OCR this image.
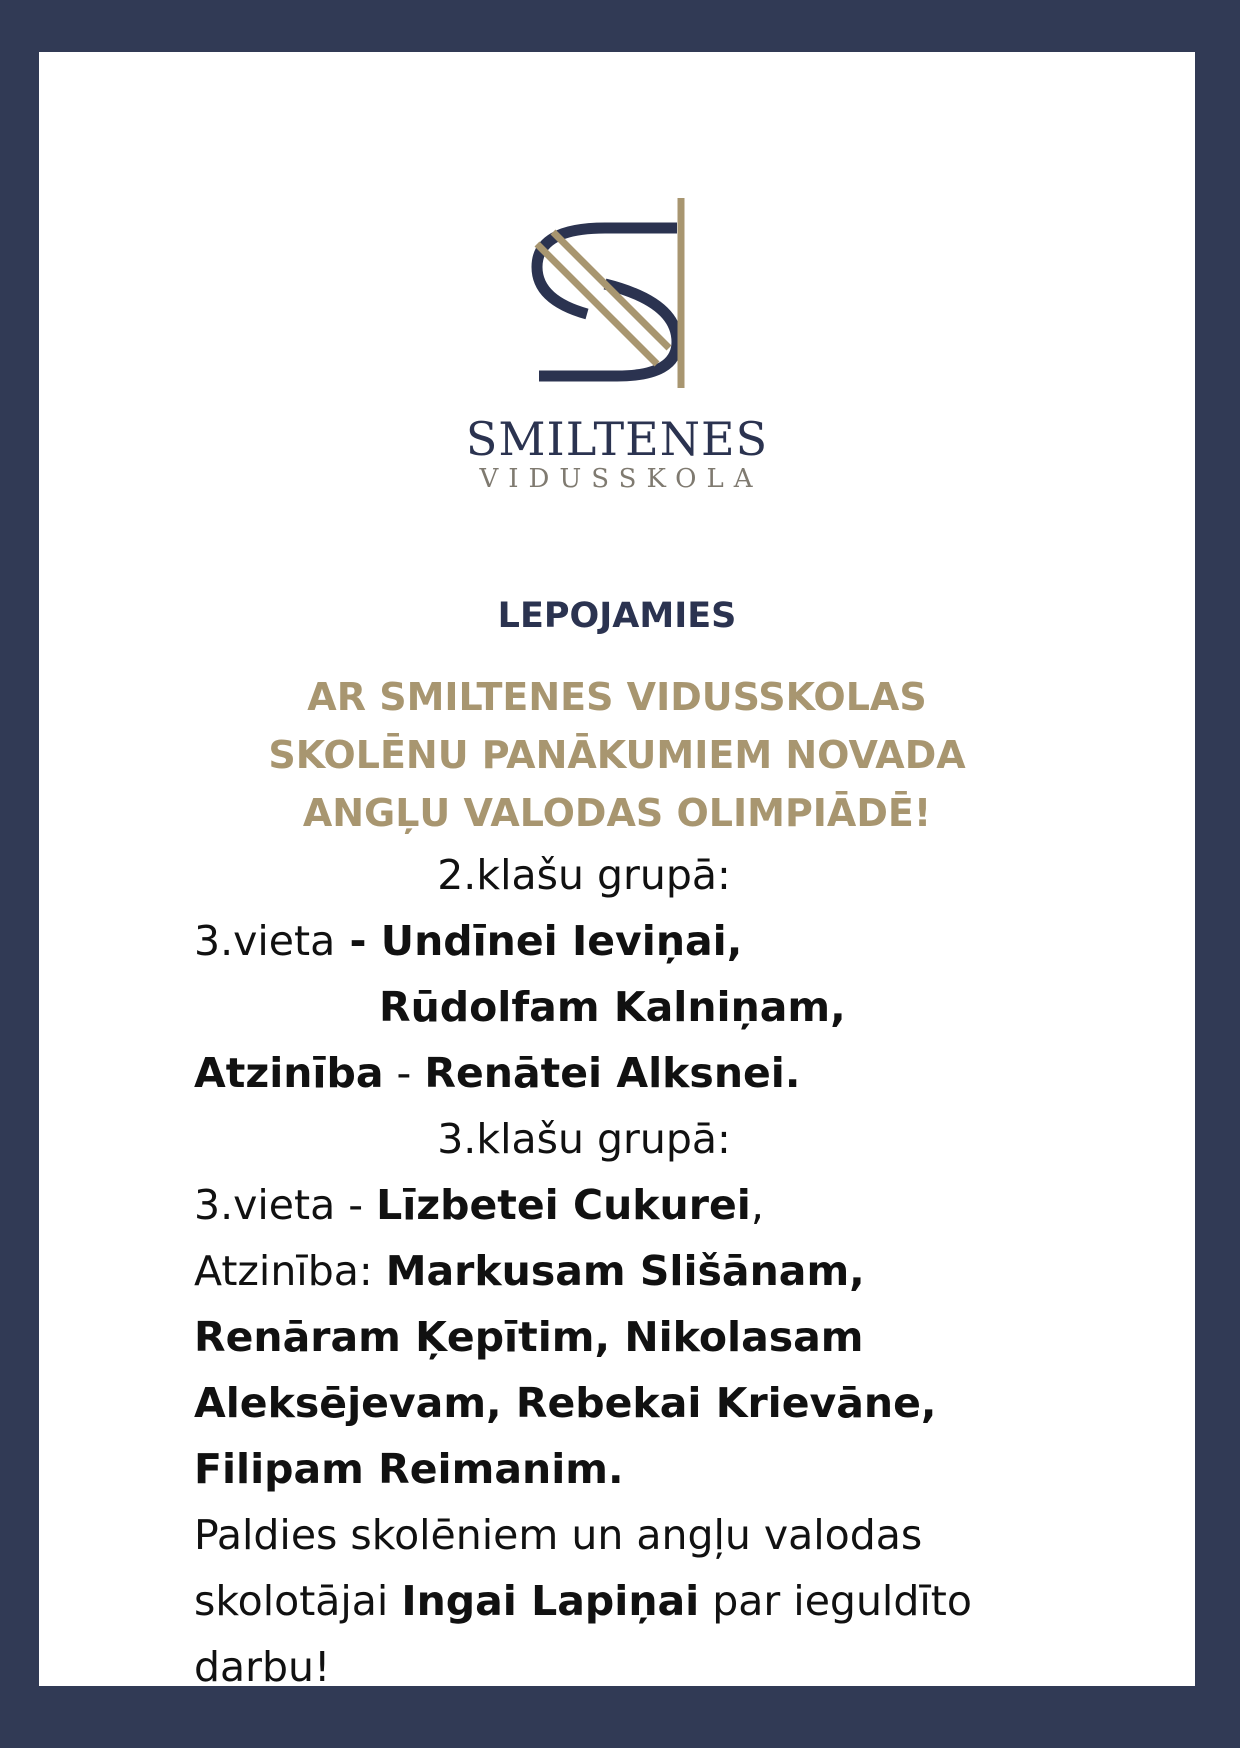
SMILTENES
VIDUSSKOLA
LEPOJAMIES
AR SMILTENES VIDUSSKOLAS
SKOLĒNU PANĀKUMIEM NOVADA
ANGĻU VALODAS OLIMPIĀDĒ!
2.klašu grupā:
3.vieta - Undīnei Ieviņai,
Rūdolfam Kalniņam,
Atzinība - Renātei Alksnei.
3.klašu grupā:
3.vieta - Līzbetei Cukurei,
Atzinība: Markusam Slišānam,
Renāram Ķepītim, Nikolasam
Aleksējevam, Rebekai Krievāne,
Filipam Reimanim.
Paldies skolēniem un angļu valodas
skolotājai Ingai Lapiņai par ieguldīto
darbu!
